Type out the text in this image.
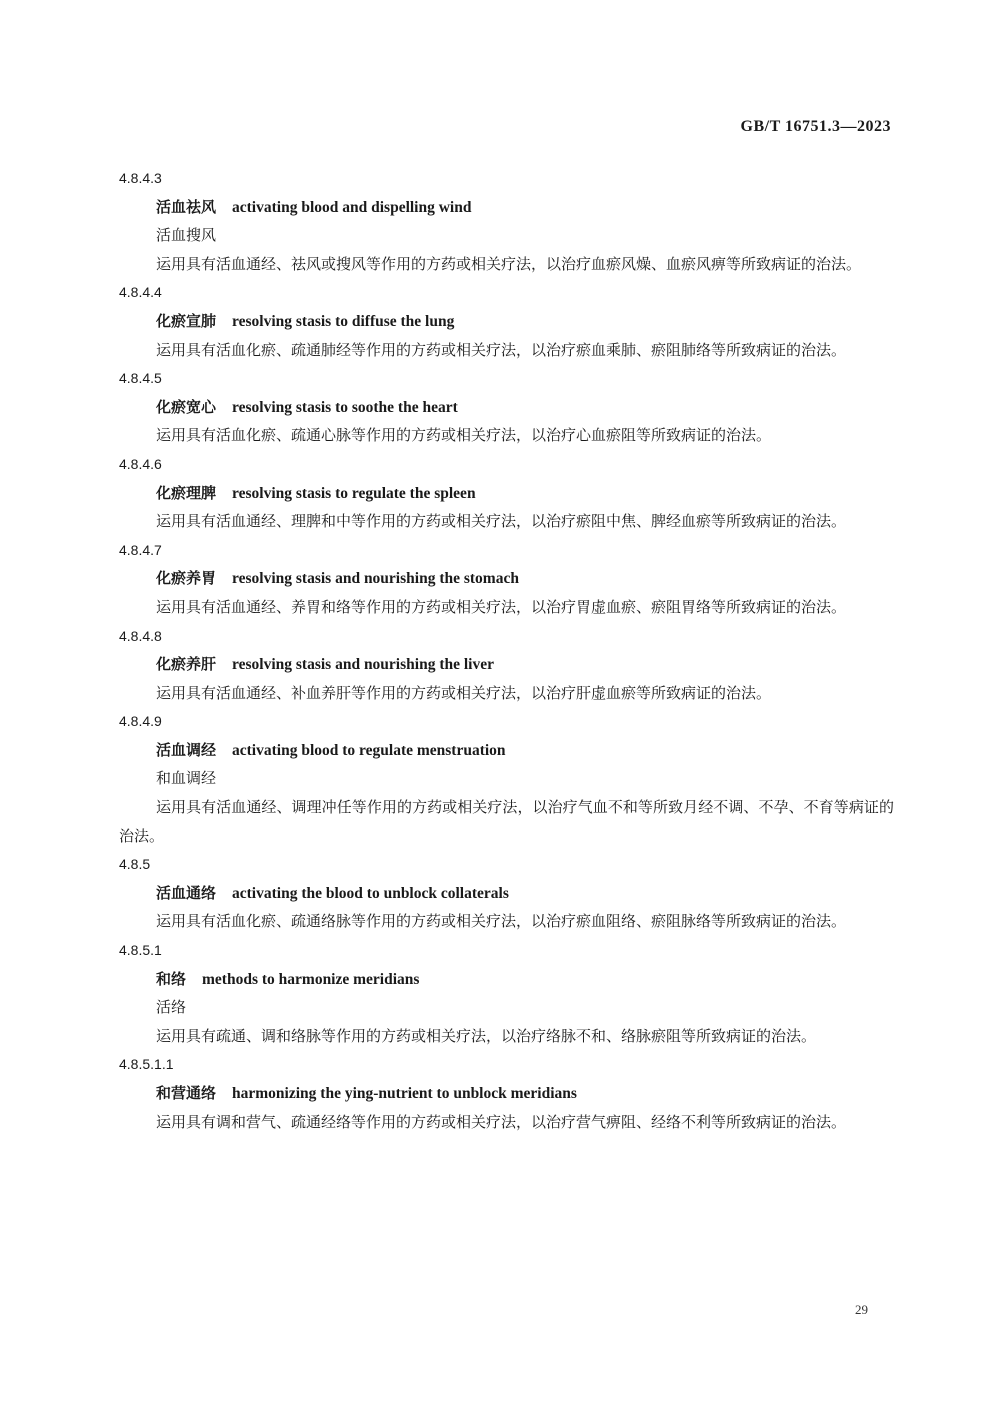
GB/T 16751.3—2023
4.8.4.3
活血祛风 activating blood and dispelling wind
活血搜风

运用具有活血通经、祛风或搜风等作用的方药或相关疗法，以治疗血瘀风燥、血瘀风痹等所致病证的治法。

4.8.4.4
化瘀宣肺 resolving stasis to diffuse the lung

运用具有活血化瘀、疏通肺经等作用的方药或相关疗法，以治疗瘀血乘肺、瘀阻肺络等所致病证的治法。

4.8.4.5
化瘀宽心 resolving stasis to soothe the heart

运用具有活血化瘀、疏通心脉等作用的方药或相关疗法，以治疗心血瘀阻等所致病证的治法。

4.8.4.6
化瘀理脾 resolving stasis to regulate the spleen

运用具有活血通经、理脾和中等作用的方药或相关疗法，以治疗瘀阻中焦、脾经血瘀等所致病证的治法。

4.8.4.7
化瘀养胃 resolving stasis and nourishing the stomach

运用具有活血通经、养胃和络等作用的方药或相关疗法，以治疗胃虚血瘀、瘀阻胃络等所致病证的治法。

4.8.4.8
化瘀养肝 resolving stasis and nourishing the liver

运用具有活血通经、补血养肝等作用的方药或相关疗法，以治疗肝虚血瘀等所致病证的治法。

4.8.4.9
活血调经 activating blood to regulate menstruation
和血调经

运用具有活血通经、调理冲任等作用的方药或相关疗法，以治疗气血不和等所致月经不调、不孕、不育等病证的治法。

4.8.5
活血通络 activating the blood to unblock collaterals

运用具有活血化瘀、疏通络脉等作用的方药或相关疗法，以治疗瘀血阻络、瘀阻脉络等所致病证的治法。

4.8.5.1
和络 methods to harmonize meridians
活络

运用具有疏通、调和络脉等作用的方药或相关疗法，以治疗络脉不和、络脉瘀阻等所致病证的治法。

4.8.5.1.1
和营通络 harmonizing the ying-nutrient to unblock meridians

运用具有调和营气、疏通经络等作用的方药或相关疗法，以治疗营气痹阻、经络不利等所致病证的治法。

29
